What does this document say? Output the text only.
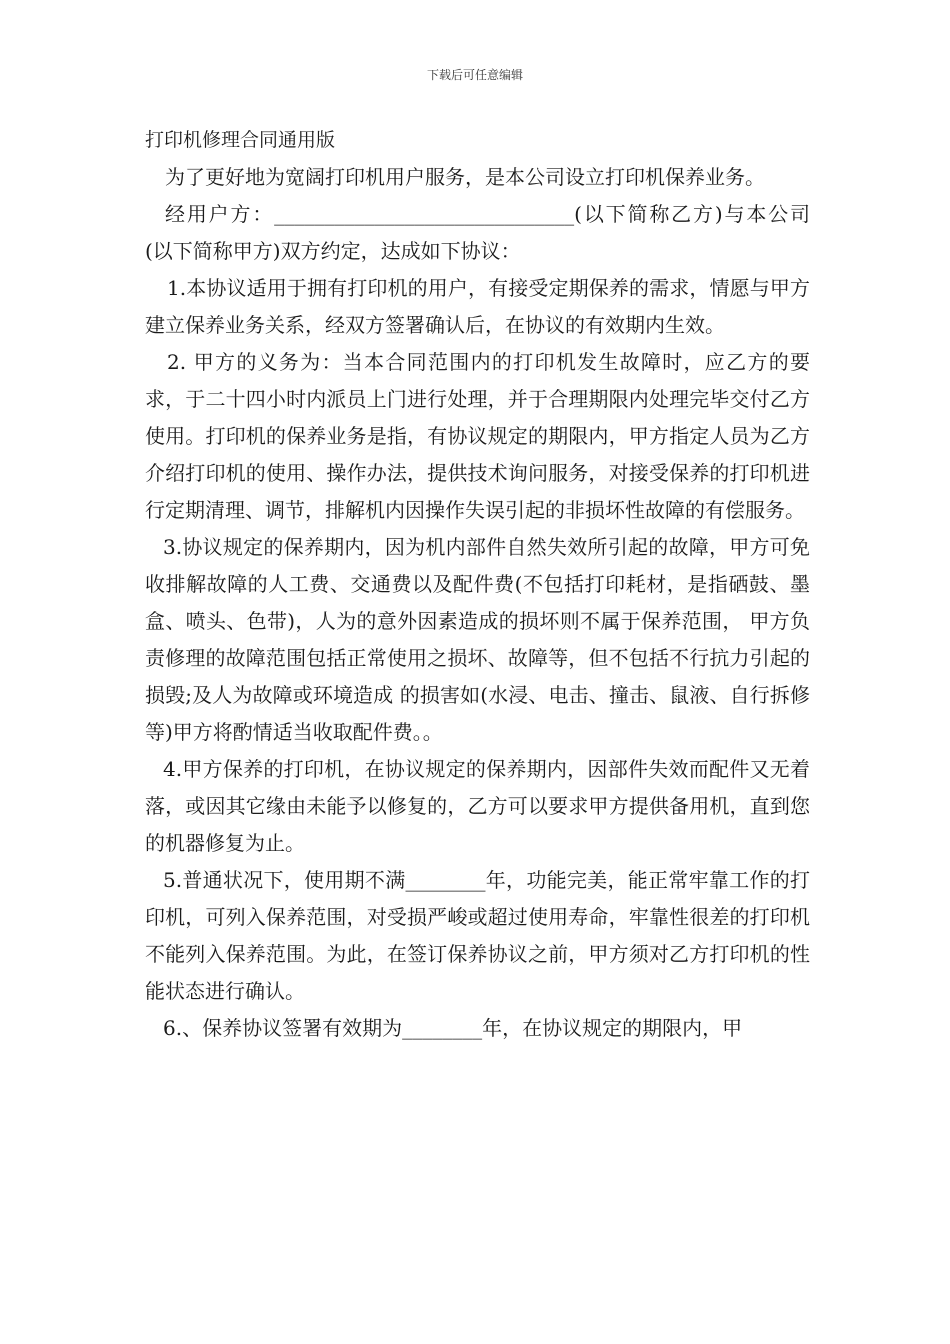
下载后可任意编辑

打印机修理合同通用版

为了更好地为宽阔打印机用户服务，是本公司设立打印机保养业务。

经用户方：______________________________(以下简称乙方)与本公司 (以下简称甲方)双方约定，达成如下协议：

1.本协议适用于拥有打印机的用户，有接受定期保养的需求，情愿与甲方建立保养业务关系，经双方签署确认后，在协议的有效期内生效。

2. 甲方的义务为：当本合同范围内的打印机发生故障时，应乙方的要求，于二十四小时内派员上门进行处理，并于合理期限内处理完毕交付乙方使用。打印机的保养业务是指，有协议规定的期限内，甲方指定人员为乙方介绍打印机的使用、操作办法，提供技术询问服务，对接受保养的打印机进行定期清理、调节，排解机内因操作失误引起的非损坏性故障的有偿服务。

3.协议规定的保养期内，因为机内部件自然失效所引起的故障，甲方可免收排解故障的人工费、交通费以及配件费(不包括打印耗材，是指硒鼓、墨盒、喷头、色带)，人为的意外因素造成的损坏则不属于保养范围， 甲方负责修理的故障范围包括正常使用之损坏、故障等，但不包括不行抗力引起的损毁;及人为故障或环境造成 的损害如(水浸、电击、撞击、鼠液、自行拆修等)甲方将酌情适当收取配件费。。

4.甲方保养的打印机，在协议规定的保养期内，因部件失效而配件又无着落，或因其它缘由未能予以修复的，乙方可以要求甲方提供备用机，直到您的机器修复为止。

5.普通状况下，使用期不满________年，功能完美，能正常牢靠工作的打印机，可列入保养范围，对受损严峻或超过使用寿命，牢靠性很差的打印机不能列入保养范围。为此，在签订保养协议之前，甲方须对乙方打印机的性能状态进行确认。

6.、保养协议签署有效期为________年，在协议规定的期限内，甲
